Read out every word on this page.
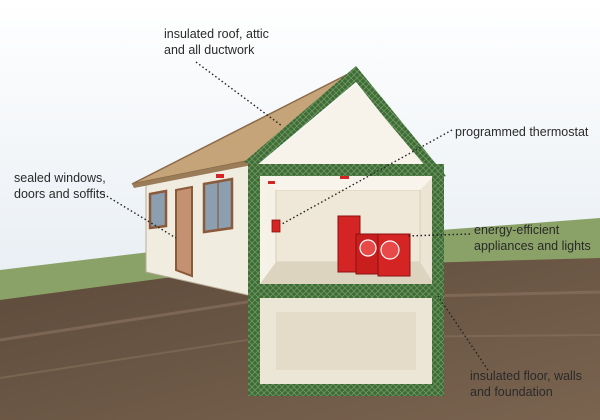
insulated roof, attic
and all ductwork
programmed thermostat
sealed windows,
doors and soffits
energy-efficient
appliances and lights
insulated floor, walls
and foundation
